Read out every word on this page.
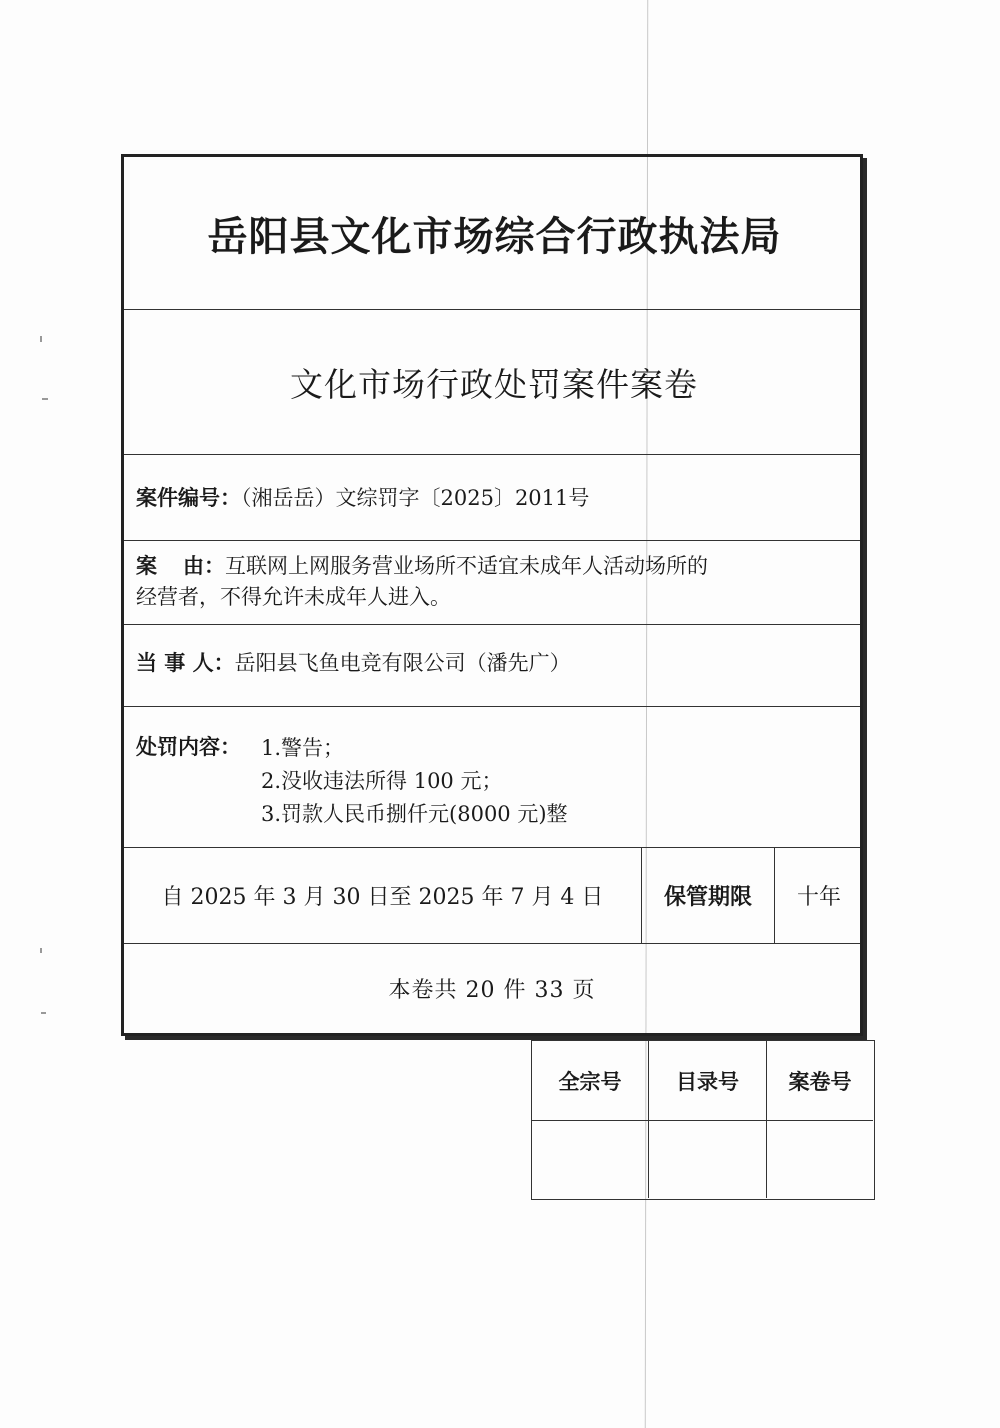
岳阳县文化市场综合行政执法局
文化市场行政处罚案件案卷
案件编号：（湘岳岳）文综罚字〔2025〕2011号
案由：互联网上网服务营业场所不适宜未成年人活动场所的
经营者，不得允许未成年人进入。
当 事 人：岳阳县飞鱼电竞有限公司（潘先广）
处罚内容： 1.警告；
2.没收违法所得 100 元；
3.罚款人民币捌仟元(8000 元)整
自 2025 年 3 月 30 日至 2025 年 7 月 4 日	保管期限	十年
本卷共 20 件 33 页
全宗号	目录号	案卷号
